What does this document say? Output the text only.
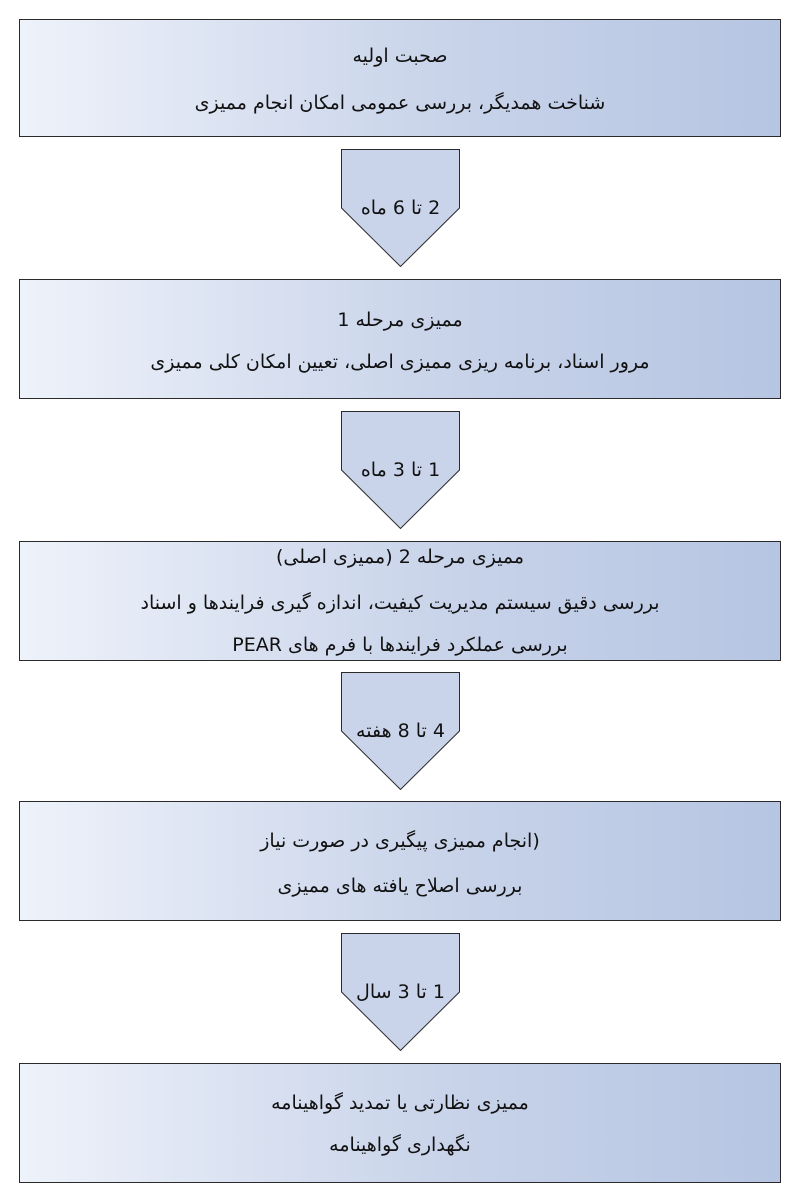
صحبت اولیه
شناخت همدیگر، بررسی عمومی امکان انجام ممیزی
2 تا 6 ماه
ممیزی مرحله 1
مرور اسناد، برنامه ریزی ممیزی اصلی، تعیین امکان کلی ممیزی
1 تا 3 ماه
ممیزی مرحله 2 (ممیزی اصلی)
بررسی دقیق سیستم مدیریت کیفیت، اندازه گیری فرایندها و اسناد
بررسی عملکرد فرایندها با فرم های PEAR
4 تا 8 هفته
(انجام ممیزی پیگیری در صورت نیاز
بررسی اصلاح یافته های ممیزی
1 تا 3 سال
ممیزی نظارتی یا تمدید گواهینامه
نگهداری گواهینامه
